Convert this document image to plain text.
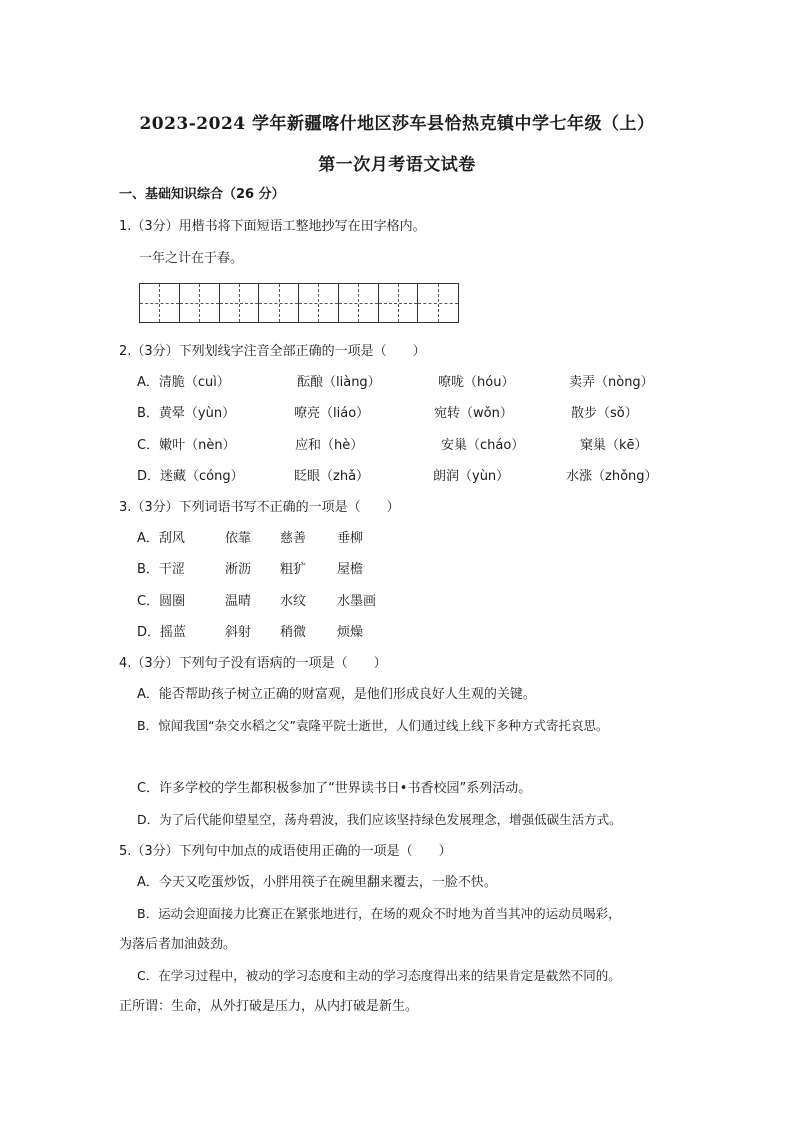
2023-2024 学年新疆喀什地区莎车县恰热克镇中学七年级（上）
第一次月考语文试卷
一、基础知识综合（26 分）
1.（3分）用楷书将下面短语工整地抄写在田字格内。
一年之计在于春。
2.（3分）下列划线字注音全部正确的一项是（　　）
A．清脆（cuì）	酝酿（liàng）	嘹咙（hóu）	卖弄（nòng）
B．黄晕（yùn）	嘹亮（liáo）	宛转（wǒn）	散步（sǒ）
C．嫩叶（nèn）	应和（hè）	安巢（cháo）	窠巢（kē）
D．迷藏（cóng）	眨眼（zhǎ）	朗润（yùn）	水涨（zhǒng）
3.（3分）下列词语书写不正确的一项是（　　）
A．刮风	依靠 慈善 垂柳
B．干涩	淅沥 粗犷 屋檐
C．圆圈	温晴 水纹 水墨画
D．摇蓝	斜射 稍微 烦燥
4.（3分）下列句子没有语病的一项是（　　）
A．能否帮助孩子树立正确的财富观，是他们形成良好人生观的关键。
B．惊闻我国“杂交水稻之父”袁隆平院士逝世，人们通过线上线下多种方式寄托哀思。
C．许多学校的学生都积极参加了“世界读书日•书香校园”系列活动。
D．为了后代能仰望星空，荡舟碧波，我们应该坚持绿色发展理念，增强低碳生活方式。
5.（3分）下列句中加点的成语使用正确的一项是（　　）
A．今天又吃蛋炒饭，小胖用筷子在碗里翻来覆去，一脸不快。
B．运动会迎面接力比赛正在紧张地进行，在场的观众不时地为首当其冲的运动员喝彩，
为落后者加油鼓劲。
C．在学习过程中，被动的学习态度和主动的学习态度得出来的结果肯定是截然不同的。
正所谓：生命，从外打破是压力，从内打破是新生。
